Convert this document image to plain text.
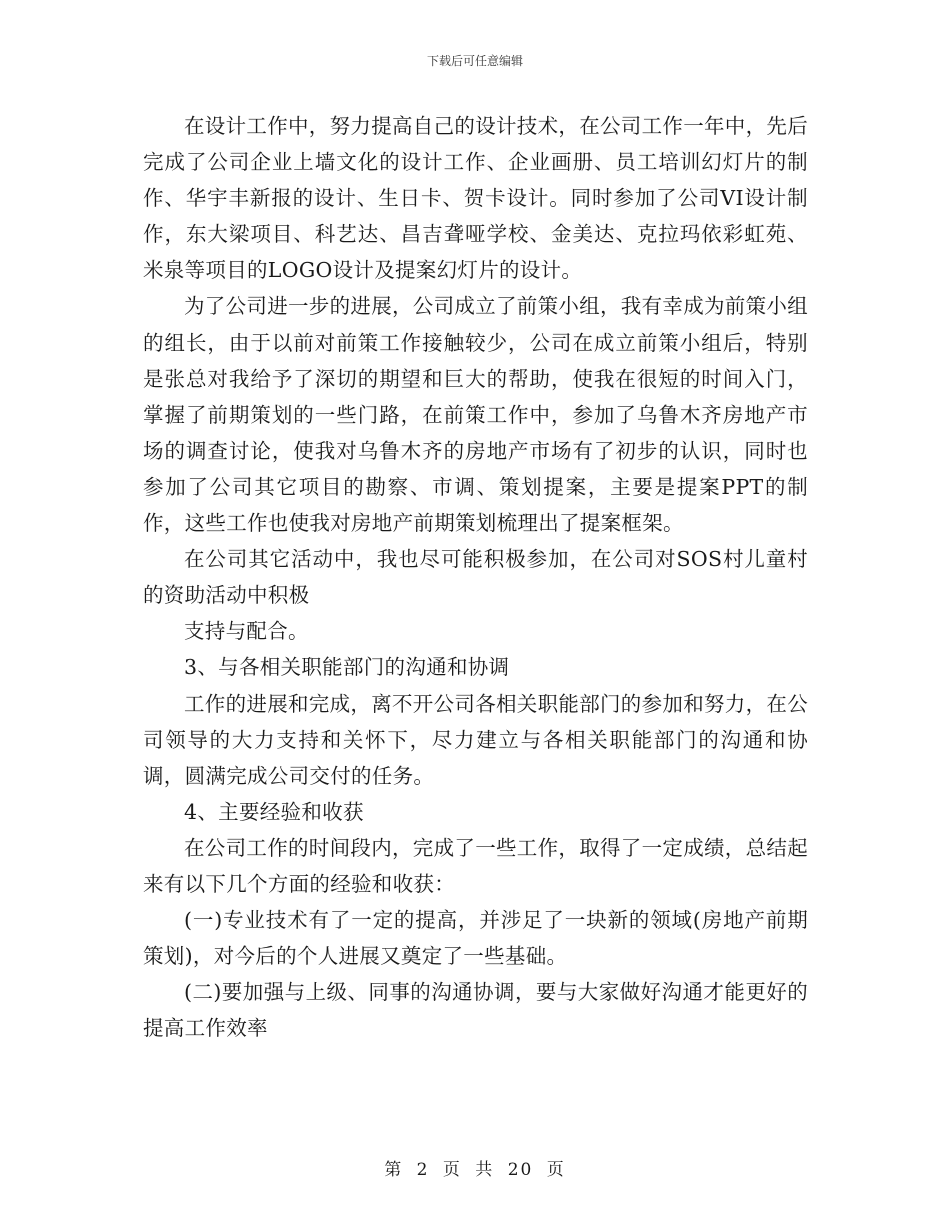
下载后可任意编辑

在设计工作中，努力提高自己的设计技术，在公司工作一年中，先后完成了公司企业上墙文化的设计工作、企业画册、员工培训幻灯片的制作、华宇丰新报的设计、生日卡、贺卡设计。同时参加了公司VI设计制作，东大梁项目、科艺达、昌吉聋哑学校、金美达、克拉玛依彩虹苑、米泉等项目的LOGO设计及提案幻灯片的设计。

为了公司进一步的进展，公司成立了前策小组，我有幸成为前策小组的组长，由于以前对前策工作接触较少，公司在成立前策小组后，特别是张总对我给予了深切的期望和巨大的帮助，使我在很短的时间入门，掌握了前期策划的一些门路，在前策工作中，参加了乌鲁木齐房地产市场的调查讨论，使我对乌鲁木齐的房地产市场有了初步的认识，同时也参加了公司其它项目的勘察、市调、策划提案，主要是提案PPT的制作，这些工作也使我对房地产前期策划梳理出了提案框架。

在公司其它活动中，我也尽可能积极参加，在公司对SOS村儿童村的资助活动中积极

支持与配合。

3、与各相关职能部门的沟通和协调

工作的进展和完成，离不开公司各相关职能部门的参加和努力，在公司领导的大力支持和关怀下，尽力建立与各相关职能部门的沟通和协调，圆满完成公司交付的任务。

4、主要经验和收获

在公司工作的时间段内，完成了一些工作，取得了一定成绩，总结起来有以下几个方面的经验和收获：

(一)专业技术有了一定的提高，并涉足了一块新的领域(房地产前期策划)，对今后的个人进展又奠定了一些基础。

(二)要加强与上级、同事的沟通协调，要与大家做好沟通才能更好的提高工作效率

第 2 页 共 20 页
